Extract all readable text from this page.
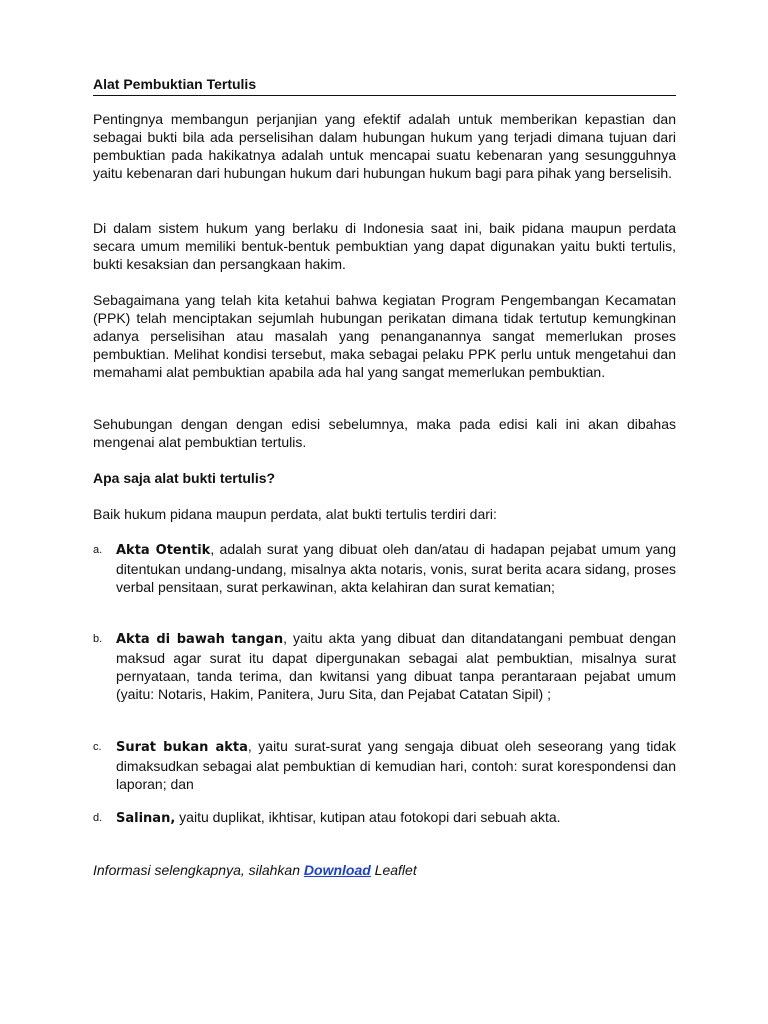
Alat Pembuktian Tertulis

Pentingnya membangun perjanjian yang efektif adalah untuk memberikan kepastian dan sebagai bukti bila ada perselisihan dalam hubungan hukum yang terjadi dimana tujuan dari pembuktian pada hakikatnya adalah untuk mencapai suatu kebenaran yang sesungguhnya yaitu kebenaran dari hubungan hukum dari hubungan hukum bagi para pihak yang berselisih.

Di dalam sistem hukum yang berlaku di Indonesia saat ini, baik pidana maupun perdata secara umum memiliki bentuk-bentuk pembuktian yang dapat digunakan yaitu bukti tertulis, bukti kesaksian dan persangkaan hakim.

Sebagaimana yang telah kita ketahui bahwa kegiatan Program Pengembangan Kecamatan (PPK) telah menciptakan sejumlah hubungan perikatan dimana tidak tertutup kemungkinan adanya perselisihan atau masalah yang penanganannya sangat memerlukan proses pembuktian. Melihat kondisi tersebut, maka sebagai pelaku PPK perlu untuk mengetahui dan memahami alat pembuktian apabila ada hal yang sangat memerlukan pembuktian.

Sehubungan dengan dengan edisi sebelumnya, maka pada edisi kali ini akan dibahas mengenai alat pembuktian tertulis.

Apa saja alat bukti tertulis?

Baik hukum pidana maupun perdata, alat bukti tertulis terdiri dari:

a. Akta Otentik, adalah surat yang dibuat oleh dan/atau di hadapan pejabat umum yang ditentukan undang-undang, misalnya akta notaris, vonis, surat berita acara sidang, proses verbal pensitaan, surat perkawinan, akta kelahiran dan surat kematian;

b. Akta di bawah tangan, yaitu akta yang dibuat dan ditandatangani pembuat dengan maksud agar surat itu dapat dipergunakan sebagai alat pembuktian, misalnya surat pernyataan, tanda terima, dan kwitansi yang dibuat tanpa perantaraan pejabat umum (yaitu: Notaris, Hakim, Panitera, Juru Sita, dan Pejabat Catatan Sipil) ;

c. Surat bukan akta, yaitu surat-surat yang sengaja dibuat oleh seseorang yang tidak dimaksudkan sebagai alat pembuktian di kemudian hari, contoh: surat korespondensi dan laporan; dan

d. Salinan, yaitu duplikat, ikhtisar, kutipan atau fotokopi dari sebuah akta.

Informasi selengkapnya, silahkan Download Leaflet
